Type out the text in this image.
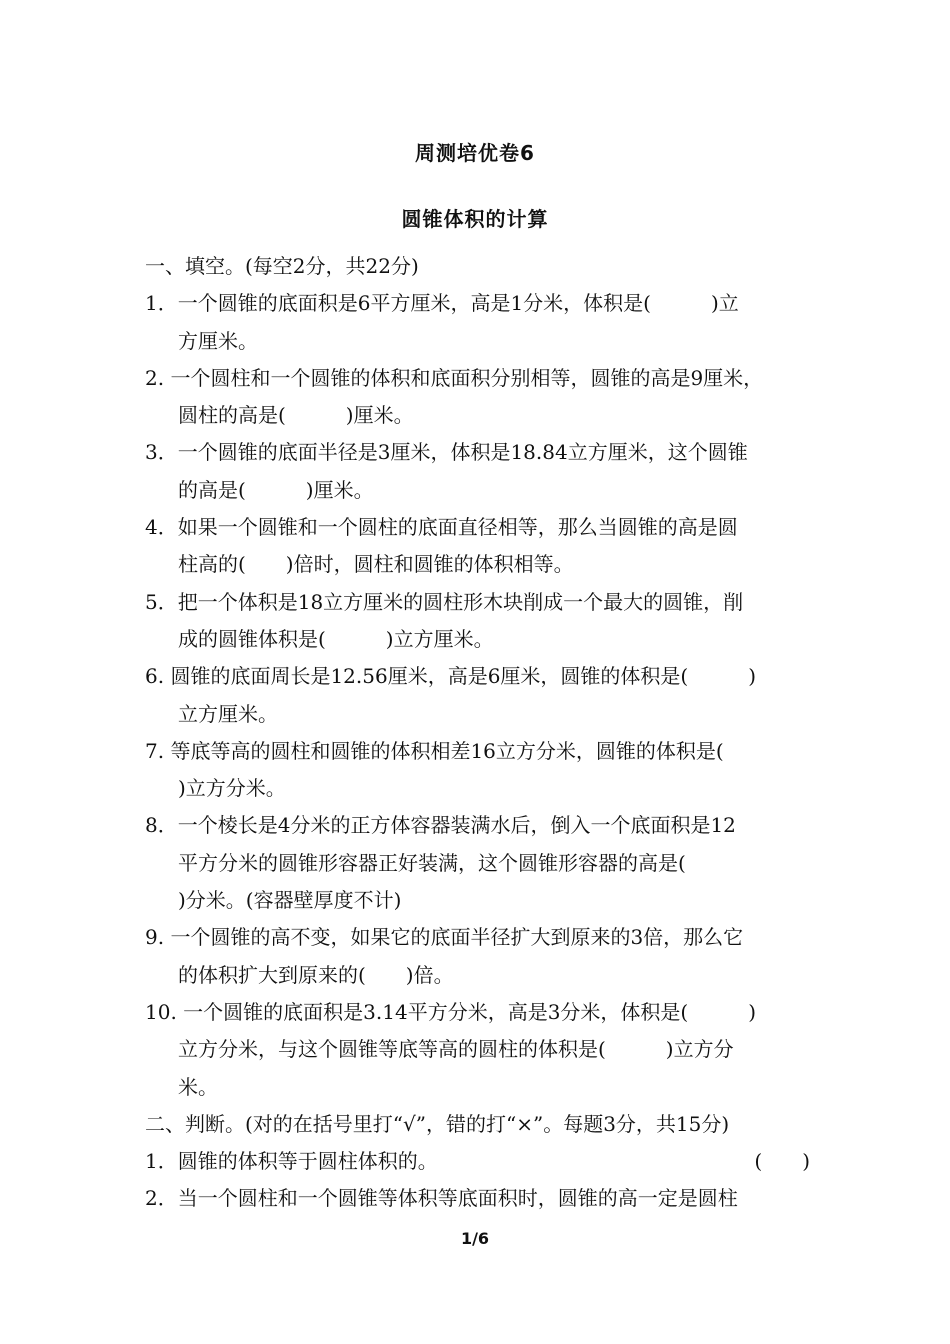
周测培优卷6
圆锥体积的计算
一、填空。(每空2分，共22分)
1．一个圆锥的底面积是6平方厘米，高是1分米，体积是(　　　)立
方厘米。
2. 一个圆柱和一个圆锥的体积和底面积分别相等，圆锥的高是9厘米，
圆柱的高是(　　　)厘米。
3．一个圆锥的底面半径是3厘米，体积是18.84立方厘米，这个圆锥
的高是(　　　)厘米。
4．如果一个圆锥和一个圆柱的底面直径相等，那么当圆锥的高是圆
柱高的(　　)倍时，圆柱和圆锥的体积相等。
5．把一个体积是18立方厘米的圆柱形木块削成一个最大的圆锥，削
成的圆锥体积是(　　　)立方厘米。
6. 圆锥的底面周长是12.56厘米，高是6厘米，圆锥的体积是(　　　)
立方厘米。
7. 等底等高的圆柱和圆锥的体积相差16立方分米，圆锥的体积是(
)立方分米。
8．一个棱长是4分米的正方体容器装满水后，倒入一个底面积是12
平方分米的圆锥形容器正好装满，这个圆锥形容器的高是(
)分米。(容器壁厚度不计)
9. 一个圆锥的高不变，如果它的底面半径扩大到原来的3倍，那么它
的体积扩大到原来的(　　)倍。
10. 一个圆锥的底面积是3.14平方分米，高是3分米，体积是(　　　)
立方分米，与这个圆锥等底等高的圆柱的体积是(　　　)立方分
米。
二、判断。(对的在括号里打“√”，错的打“×”。每题3分，共15分)
1．圆锥的体积等于圆柱体积的。	(　　)
2．当一个圆柱和一个圆锥等体积等底面积时，圆锥的高一定是圆柱
1/6
